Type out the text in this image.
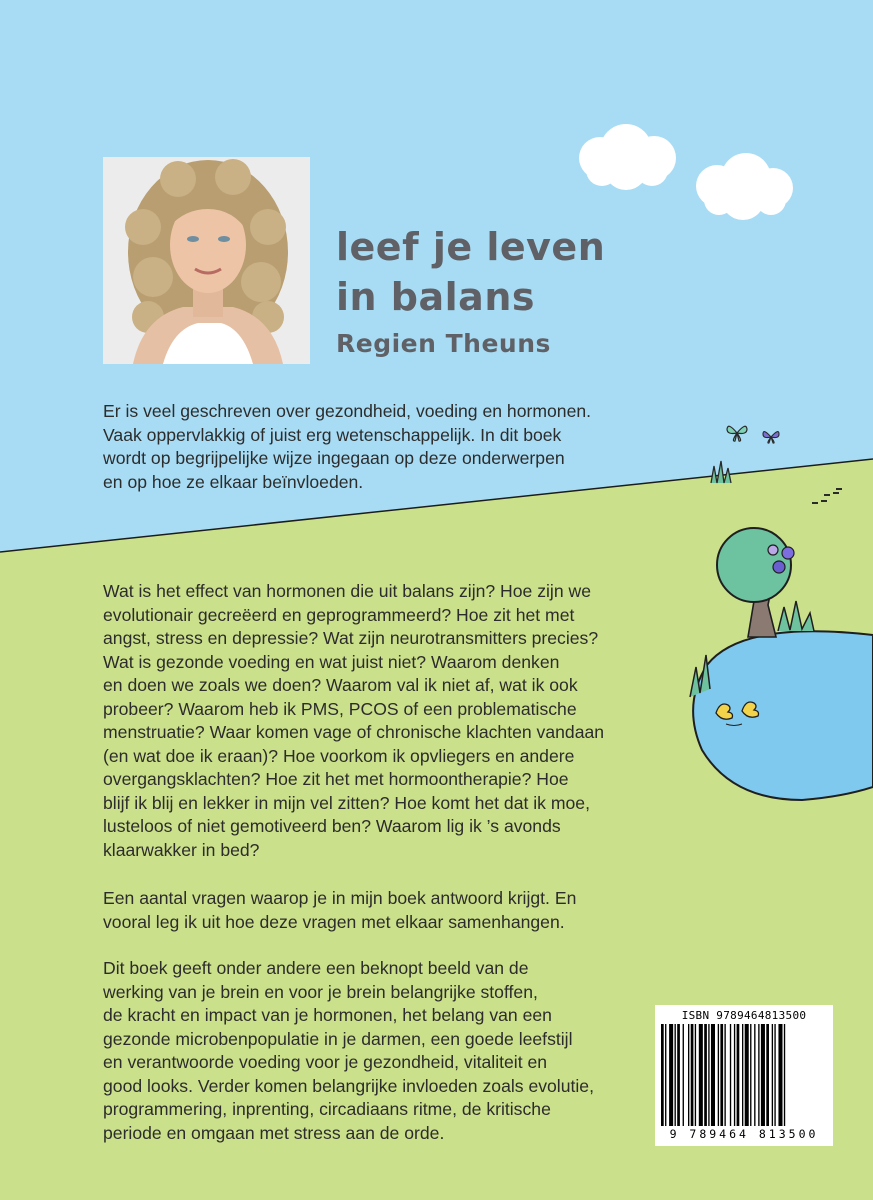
leef je leven
in balans
Regien Theuns
Er is veel geschreven over gezondheid, voeding en hormonen.
Vaak oppervlakkig of juist erg wetenschappelijk. In dit boek
wordt op begrijpelijke wijze ingegaan op deze onderwerpen
en op hoe ze elkaar beïnvloeden.
Wat is het effect van hormonen die uit balans zijn? Hoe zijn we
evolutionair gecreëerd en geprogrammeerd? Hoe zit het met
angst, stress en depressie? Wat zijn neurotransmitters precies?
Wat is gezonde voeding en wat juist niet? Waarom denken
en doen we zoals we doen? Waarom val ik niet af, wat ik ook
probeer? Waarom heb ik PMS, PCOS of een problematische
menstruatie? Waar komen vage of chronische klachten vandaan
(en wat doe ik eraan)? Hoe voorkom ik opvliegers en andere
overgangsklachten? Hoe zit het met hormoontherapie? Hoe
blijf ik blij en lekker in mijn vel zitten? Hoe komt het dat ik moe,
lusteloos of niet gemotiveerd ben? Waarom lig ik ’s avonds
klaarwakker in bed?
Een aantal vragen waarop je in mijn boek antwoord krijgt. En
vooral leg ik uit hoe deze vragen met elkaar samenhangen.
Dit boek geeft onder andere een beknopt beeld van de
werking van je brein en voor je brein belangrijke stoffen,
de kracht en impact van je hormonen, het belang van een
gezonde microbenpopulatie in je darmen, een goede leefstijl
en verantwoorde voeding voor je gezondheid, vitaliteit en
good looks. Verder komen belangrijke invloeden zoals evolutie,
programmering, inprenting, circadiaans ritme, de kritische
periode en omgaan met stress aan de orde.
ISBN 9789464813500
9 789464 813500
